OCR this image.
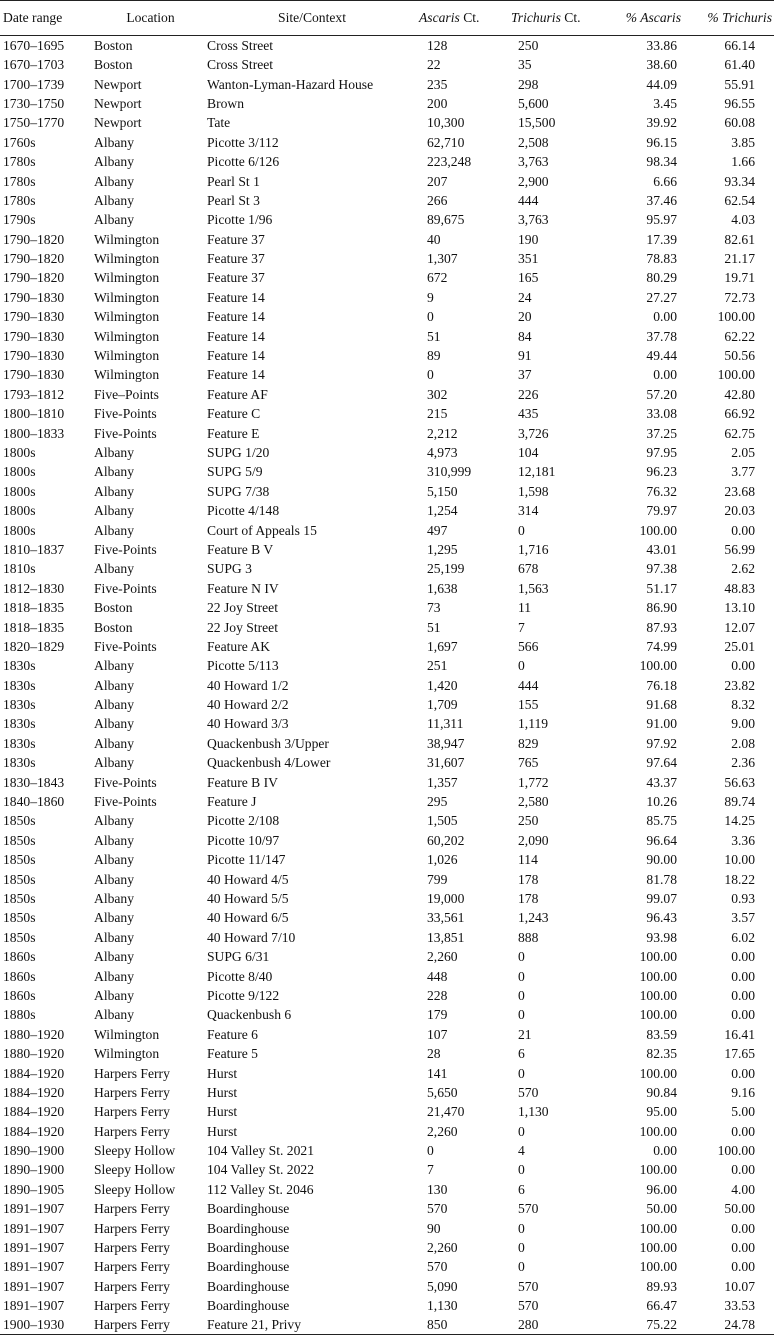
Date range	Location	Site/Context	Ascaris Ct.	Trichuris Ct.	% Ascaris	% Trichuris
1670–1695	Boston	Cross Street	128	250	33.86	66.14
1670–1703	Boston	Cross Street	22	35	38.60	61.40
1700–1739	Newport	Wanton-Lyman-Hazard House	235	298	44.09	55.91
1730–1750	Newport	Brown	200	5,600	3.45	96.55
1750–1770	Newport	Tate	10,300	15,500	39.92	60.08
1760s	Albany	Picotte 3/112	62,710	2,508	96.15	3.85
1780s	Albany	Picotte 6/126	223,248	3,763	98.34	1.66
1780s	Albany	Pearl St 1	207	2,900	6.66	93.34
1780s	Albany	Pearl St 3	266	444	37.46	62.54
1790s	Albany	Picotte 1/96	89,675	3,763	95.97	4.03
1790–1820	Wilmington	Feature 37	40	190	17.39	82.61
1790–1820	Wilmington	Feature 37	1,307	351	78.83	21.17
1790–1820	Wilmington	Feature 37	672	165	80.29	19.71
1790–1830	Wilmington	Feature 14	9	24	27.27	72.73
1790–1830	Wilmington	Feature 14	0	20	0.00	100.00
1790–1830	Wilmington	Feature 14	51	84	37.78	62.22
1790–1830	Wilmington	Feature 14	89	91	49.44	50.56
1790–1830	Wilmington	Feature 14	0	37	0.00	100.00
1793–1812	Five–Points	Feature AF	302	226	57.20	42.80
1800–1810	Five-Points	Feature C	215	435	33.08	66.92
1800–1833	Five-Points	Feature E	2,212	3,726	37.25	62.75
1800s	Albany	SUPG 1/20	4,973	104	97.95	2.05
1800s	Albany	SUPG 5/9	310,999	12,181	96.23	3.77
1800s	Albany	SUPG 7/38	5,150	1,598	76.32	23.68
1800s	Albany	Picotte 4/148	1,254	314	79.97	20.03
1800s	Albany	Court of Appeals 15	497	0	100.00	0.00
1810–1837	Five-Points	Feature B V	1,295	1,716	43.01	56.99
1810s	Albany	SUPG 3	25,199	678	97.38	2.62
1812–1830	Five-Points	Feature N IV	1,638	1,563	51.17	48.83
1818–1835	Boston	22 Joy Street	73	11	86.90	13.10
1818–1835	Boston	22 Joy Street	51	7	87.93	12.07
1820–1829	Five-Points	Feature AK	1,697	566	74.99	25.01
1830s	Albany	Picotte 5/113	251	0	100.00	0.00
1830s	Albany	40 Howard 1/2	1,420	444	76.18	23.82
1830s	Albany	40 Howard 2/2	1,709	155	91.68	8.32
1830s	Albany	40 Howard 3/3	11,311	1,119	91.00	9.00
1830s	Albany	Quackenbush 3/Upper	38,947	829	97.92	2.08
1830s	Albany	Quackenbush 4/Lower	31,607	765	97.64	2.36
1830–1843	Five-Points	Feature B IV	1,357	1,772	43.37	56.63
1840–1860	Five-Points	Feature J	295	2,580	10.26	89.74
1850s	Albany	Picotte 2/108	1,505	250	85.75	14.25
1850s	Albany	Picotte 10/97	60,202	2,090	96.64	3.36
1850s	Albany	Picotte 11/147	1,026	114	90.00	10.00
1850s	Albany	40 Howard 4/5	799	178	81.78	18.22
1850s	Albany	40 Howard 5/5	19,000	178	99.07	0.93
1850s	Albany	40 Howard 6/5	33,561	1,243	96.43	3.57
1850s	Albany	40 Howard 7/10	13,851	888	93.98	6.02
1860s	Albany	SUPG 6/31	2,260	0	100.00	0.00
1860s	Albany	Picotte 8/40	448	0	100.00	0.00
1860s	Albany	Picotte 9/122	228	0	100.00	0.00
1880s	Albany	Quackenbush 6	179	0	100.00	0.00
1880–1920	Wilmington	Feature 6	107	21	83.59	16.41
1880–1920	Wilmington	Feature 5	28	6	82.35	17.65
1884–1920	Harpers Ferry	Hurst	141	0	100.00	0.00
1884–1920	Harpers Ferry	Hurst	5,650	570	90.84	9.16
1884–1920	Harpers Ferry	Hurst	21,470	1,130	95.00	5.00
1884–1920	Harpers Ferry	Hurst	2,260	0	100.00	0.00
1890–1900	Sleepy Hollow	104 Valley St. 2021	0	4	0.00	100.00
1890–1900	Sleepy Hollow	104 Valley St. 2022	7	0	100.00	0.00
1890–1905	Sleepy Hollow	112 Valley St. 2046	130	6	96.00	4.00
1891–1907	Harpers Ferry	Boardinghouse	570	570	50.00	50.00
1891–1907	Harpers Ferry	Boardinghouse	90	0	100.00	0.00
1891–1907	Harpers Ferry	Boardinghouse	2,260	0	100.00	0.00
1891–1907	Harpers Ferry	Boardinghouse	570	0	100.00	0.00
1891–1907	Harpers Ferry	Boardinghouse	5,090	570	89.93	10.07
1891–1907	Harpers Ferry	Boardinghouse	1,130	570	66.47	33.53
1900–1930	Harpers Ferry	Feature 21, Privy	850	280	75.22	24.78
